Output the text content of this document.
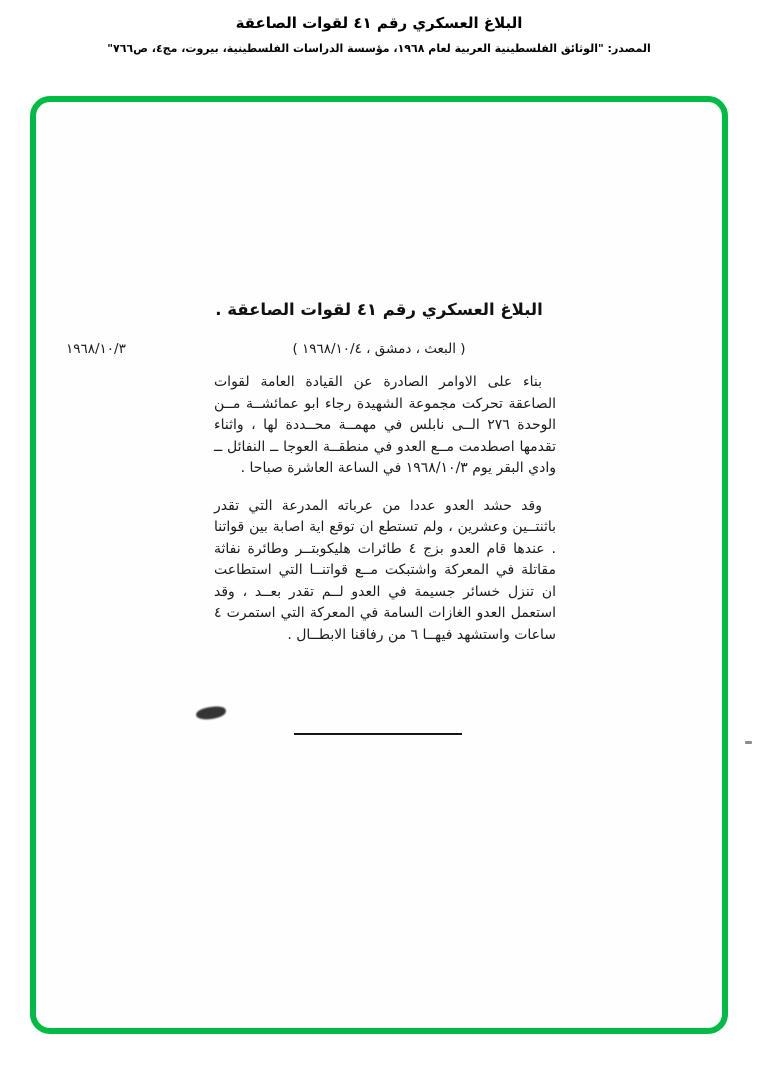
البلاغ العسكري رقم ٤١ لقوات الصاعقة
المصدر: "الوثائق الفلسطينية العربية لعام ١٩٦٨، مؤسسة الدراسات الفلسطينية، بيروت، مج٤، ص٧٦٦"
البلاغ العسكري رقم ٤١ لقوات الصاعقة .
١٩٦٨/١٠/٣	( البعث ، دمشق ، ١٩٦٨/١٠/٤ )

بناء على الاوامر الصادرة عن القيادة العامة لقوات الصاعقة تحركت مجموعة الشهيدة رجاء ابو عمائشــة مــن الوحدة ٢٧٦ الــى نابلس في مهمــة محــددة لها ، واثناء تقدمها اصطدمت مــع العدو في منطقــة العوجا ــ النفائل ــ وادي البقر يوم ١٩٦٨/١٠/٣ في الساعة العاشرة صباحا .

وقد حشد العدو عددا من عرباته المدرعة التي تقدر باثنتــين وعشرين ، ولم تستطع ان توقع اية اصابة بين قواتنا . عندها قام العدو بزج ٤ طائرات هليكوبتــر وطائرة نفاثة مقاتلة في المعركة واشتبكت مــع قواتنــا التي استطاعت ان تنزل خسائر جسيمة في العدو لــم تقدر بعــد ، وقد استعمل العدو الغازات السامة في المعركة التي استمرت ٤ ساعات واستشهد فيهــا ٦ من رفاقنا الابطــال .
